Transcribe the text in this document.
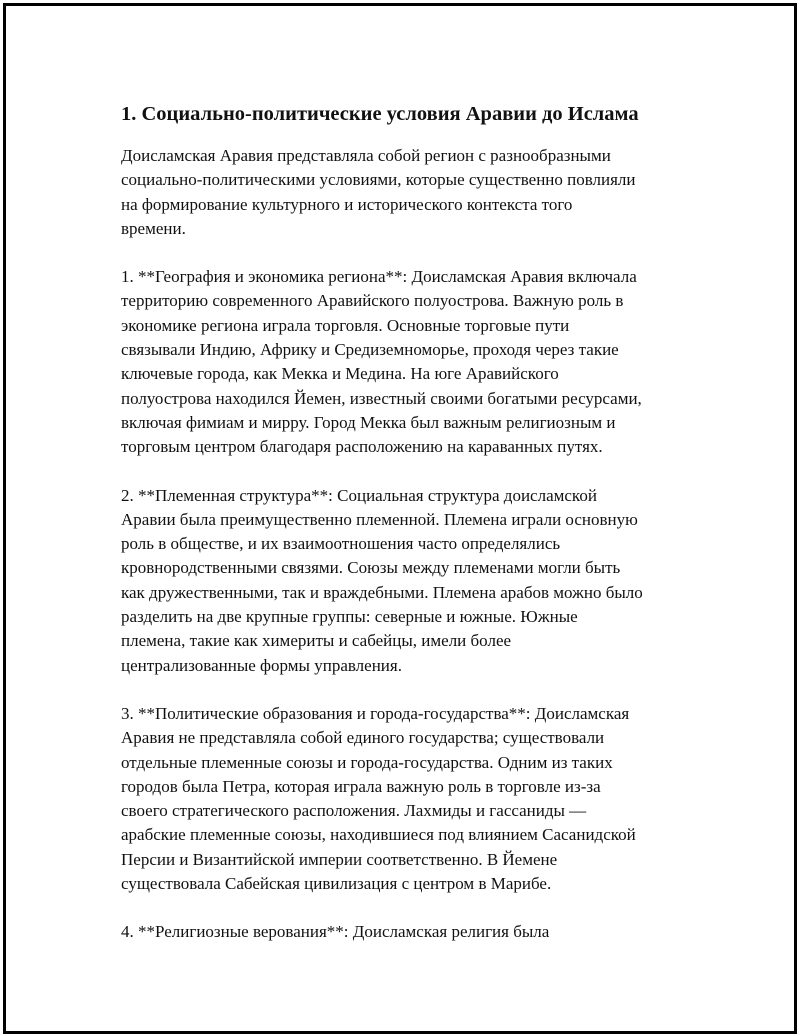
1. Социально-политические условия Аравии до Ислама

Доисламская Аравия представляла собой регион с разнообразными
социально-политическими условиями, которые существенно повлияли
на формирование культурного и исторического контекста того
времени.

1. **География и экономика региона**: Доисламская Аравия включала
территорию современного Аравийского полуострова. Важную роль в
экономике региона играла торговля. Основные торговые пути
связывали Индию, Африку и Средиземноморье, проходя через такие
ключевые города, как Мекка и Медина. На юге Аравийского
полуострова находился Йемен, известный своими богатыми ресурсами,
включая фимиам и мирру. Город Мекка был важным религиозным и
торговым центром благодаря расположению на караванных путях.

2. **Племенная структура**: Социальная структура доисламской
Аравии была преимущественно племенной. Племена играли основную
роль в обществе, и их взаимоотношения часто определялись
кровнородственными связями. Союзы между племенами могли быть
как дружественными, так и враждебными. Племена арабов можно было
разделить на две крупные группы: северные и южные. Южные
племена, такие как химериты и сабейцы, имели более
централизованные формы управления.

3. **Политические образования и города-государства**: Доисламская
Аравия не представляла собой единого государства; существовали
отдельные племенные союзы и города-государства. Одним из таких
городов была Петра, которая играла важную роль в торговле из-за
своего стратегического расположения. Лахмиды и гассаниды —
арабские племенные союзы, находившиеся под влиянием Сасанидской
Персии и Византийской империи соответственно. В Йемене
существовала Сабейская цивилизация с центром в Марибе.

4. **Религиозные верования**: Доисламская религия была
